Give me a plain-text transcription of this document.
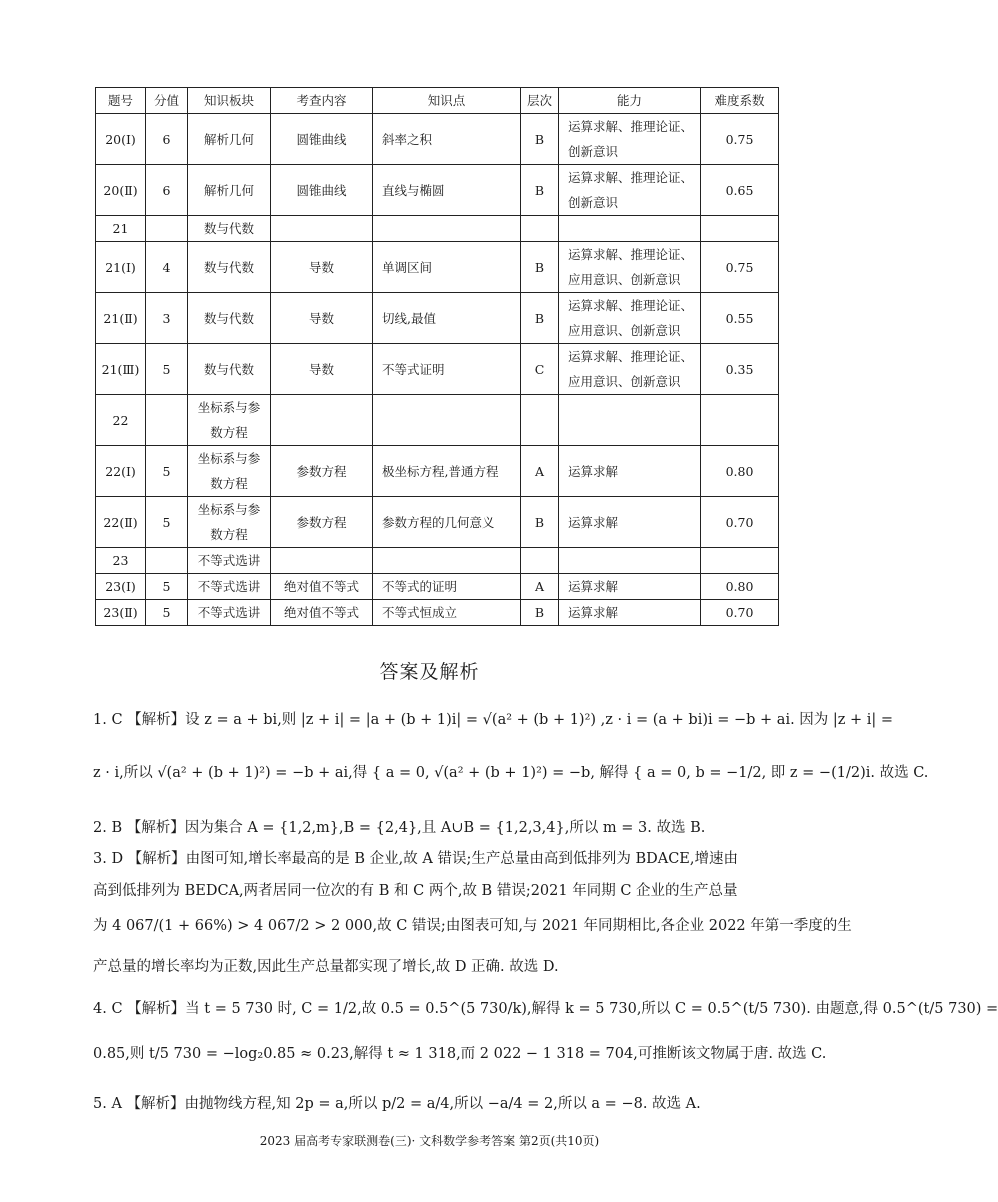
题号	分值	知识板块	考查内容	知识点	层次	能力	难度系数
20(Ⅰ)	6	解析几何	圆锥曲线	斜率之积	B	运算求解、推理论证、创新意识	0.75
20(Ⅱ)	6	解析几何	圆锥曲线	直线与椭圆	B	运算求解、推理论证、创新意识	0.65
21		数与代数					
21(Ⅰ)	4	数与代数	导数	单调区间	B	运算求解、推理论证、应用意识、创新意识	0.75
21(Ⅱ)	3	数与代数	导数	切线,最值	B	运算求解、推理论证、应用意识、创新意识	0.55
21(Ⅲ)	5	数与代数	导数	不等式证明	C	运算求解、推理论证、应用意识、创新意识	0.35
22		坐标系与参数方程					
22(Ⅰ)	5	坐标系与参数方程	参数方程	极坐标方程,普通方程	A	运算求解	0.80
22(Ⅱ)	5	坐标系与参数方程	参数方程	参数方程的几何意义	B	运算求解	0.70
23		不等式选讲					
23(Ⅰ)	5	不等式选讲	绝对值不等式	不等式的证明	A	运算求解	0.80
23(Ⅱ)	5	不等式选讲	绝对值不等式	不等式恒成立	B	运算求解	0.70
答案及解析
1. C 【解析】设 z = a + bi,则 |z + i| = |a + (b + 1)i| = √(a² + (b + 1)²) ,z · i = (a + bi)i = −b + ai. 因为 |z + i| =
z · i,所以 √(a² + (b + 1)²) = −b + ai,得 { a = 0, √(a² + (b + 1)²) = −b, 解得 { a = 0, b = −1/2, 即 z = −(1/2)i. 故选 C.
2. B 【解析】因为集合 A = {1,2,m},B = {2,4},且 A∪B = {1,2,3,4},所以 m = 3. 故选 B.
3. D 【解析】由图可知,增长率最高的是 B 企业,故 A 错误;生产总量由高到低排列为 BDACE,增速由
高到低排列为 BEDCA,两者居同一位次的有 B 和 C 两个,故 B 错误;2021 年同期 C 企业的生产总量
为 4 067/(1 + 66%) > 4 067/2 > 2 000,故 C 错误;由图表可知,与 2021 年同期相比,各企业 2022 年第一季度的生
产总量的增长率均为正数,因此生产总量都实现了增长,故 D 正确. 故选 D.
4. C 【解析】当 t = 5 730 时, C = 1/2,故 0.5 = 0.5^(5 730/k),解得 k = 5 730,所以 C = 0.5^(t/5 730). 由题意,得 0.5^(t/5 730) =
0.85,则 t/5 730 = −log₂0.85 ≈ 0.23,解得 t ≈ 1 318,而 2 022 − 1 318 = 704,可推断该文物属于唐. 故选 C.
5. A 【解析】由抛物线方程,知 2p = a,所以 p/2 = a/4,所以 −a/4 = 2,所以 a = −8. 故选 A.
2023 届高考专家联测卷(三)· 文科数学参考答案 第2页(共10页)
